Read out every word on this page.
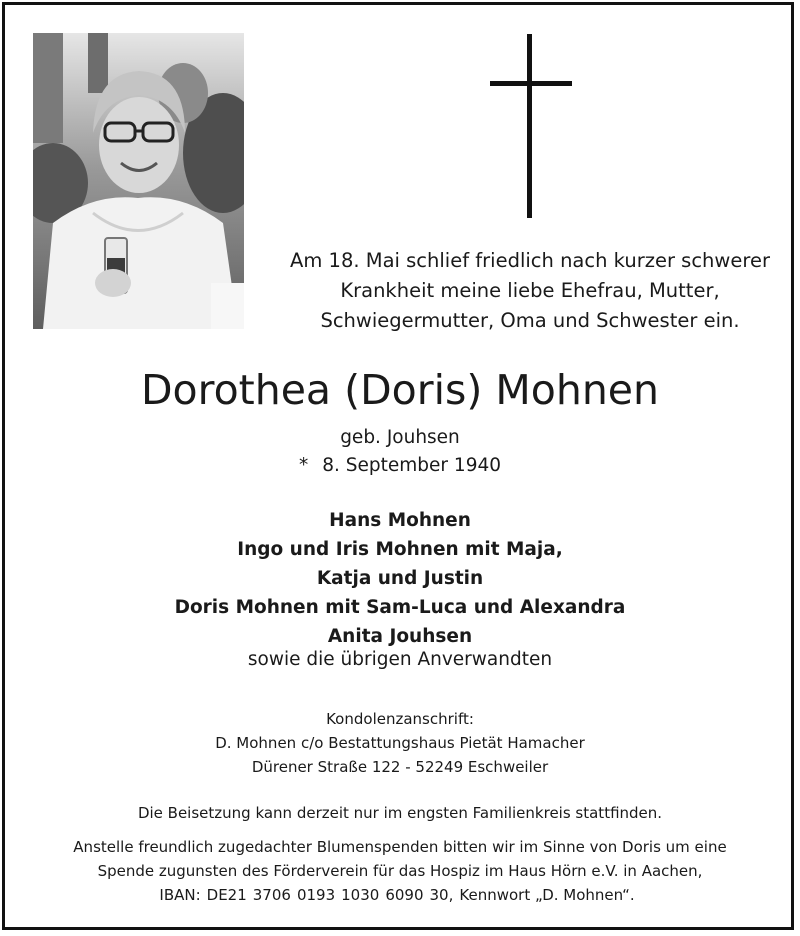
Am 18. Mai schlief friedlich nach kurzer schwerer
Krankheit meine liebe Ehefrau, Mutter,
Schwiegermutter, Oma und Schwester ein.
Dorothea (Doris) Mohnen
geb. Jouhsen
* 8. September 1940
Hans Mohnen
Ingo und Iris Mohnen mit Maja,
Katja und Justin
Doris Mohnen mit Sam-Luca und Alexandra
Anita Jouhsen
sowie die übrigen Anverwandten
Kondolenzanschrift:
D. Mohnen c/o Bestattungshaus Pietät Hamacher
Dürener Straße 122 - 52249 Eschweiler
Die Beisetzung kann derzeit nur im engsten Familienkreis stattfinden.
Anstelle freundlich zugedachter Blumenspenden bitten wir im Sinne von Doris um eine
Spende zugunsten des Förderverein für das Hospiz im Haus Hörn e.V. in Aachen,
IBAN: DE21 3706 0193 1030 6090 30, Kennwort „D. Mohnen“.
